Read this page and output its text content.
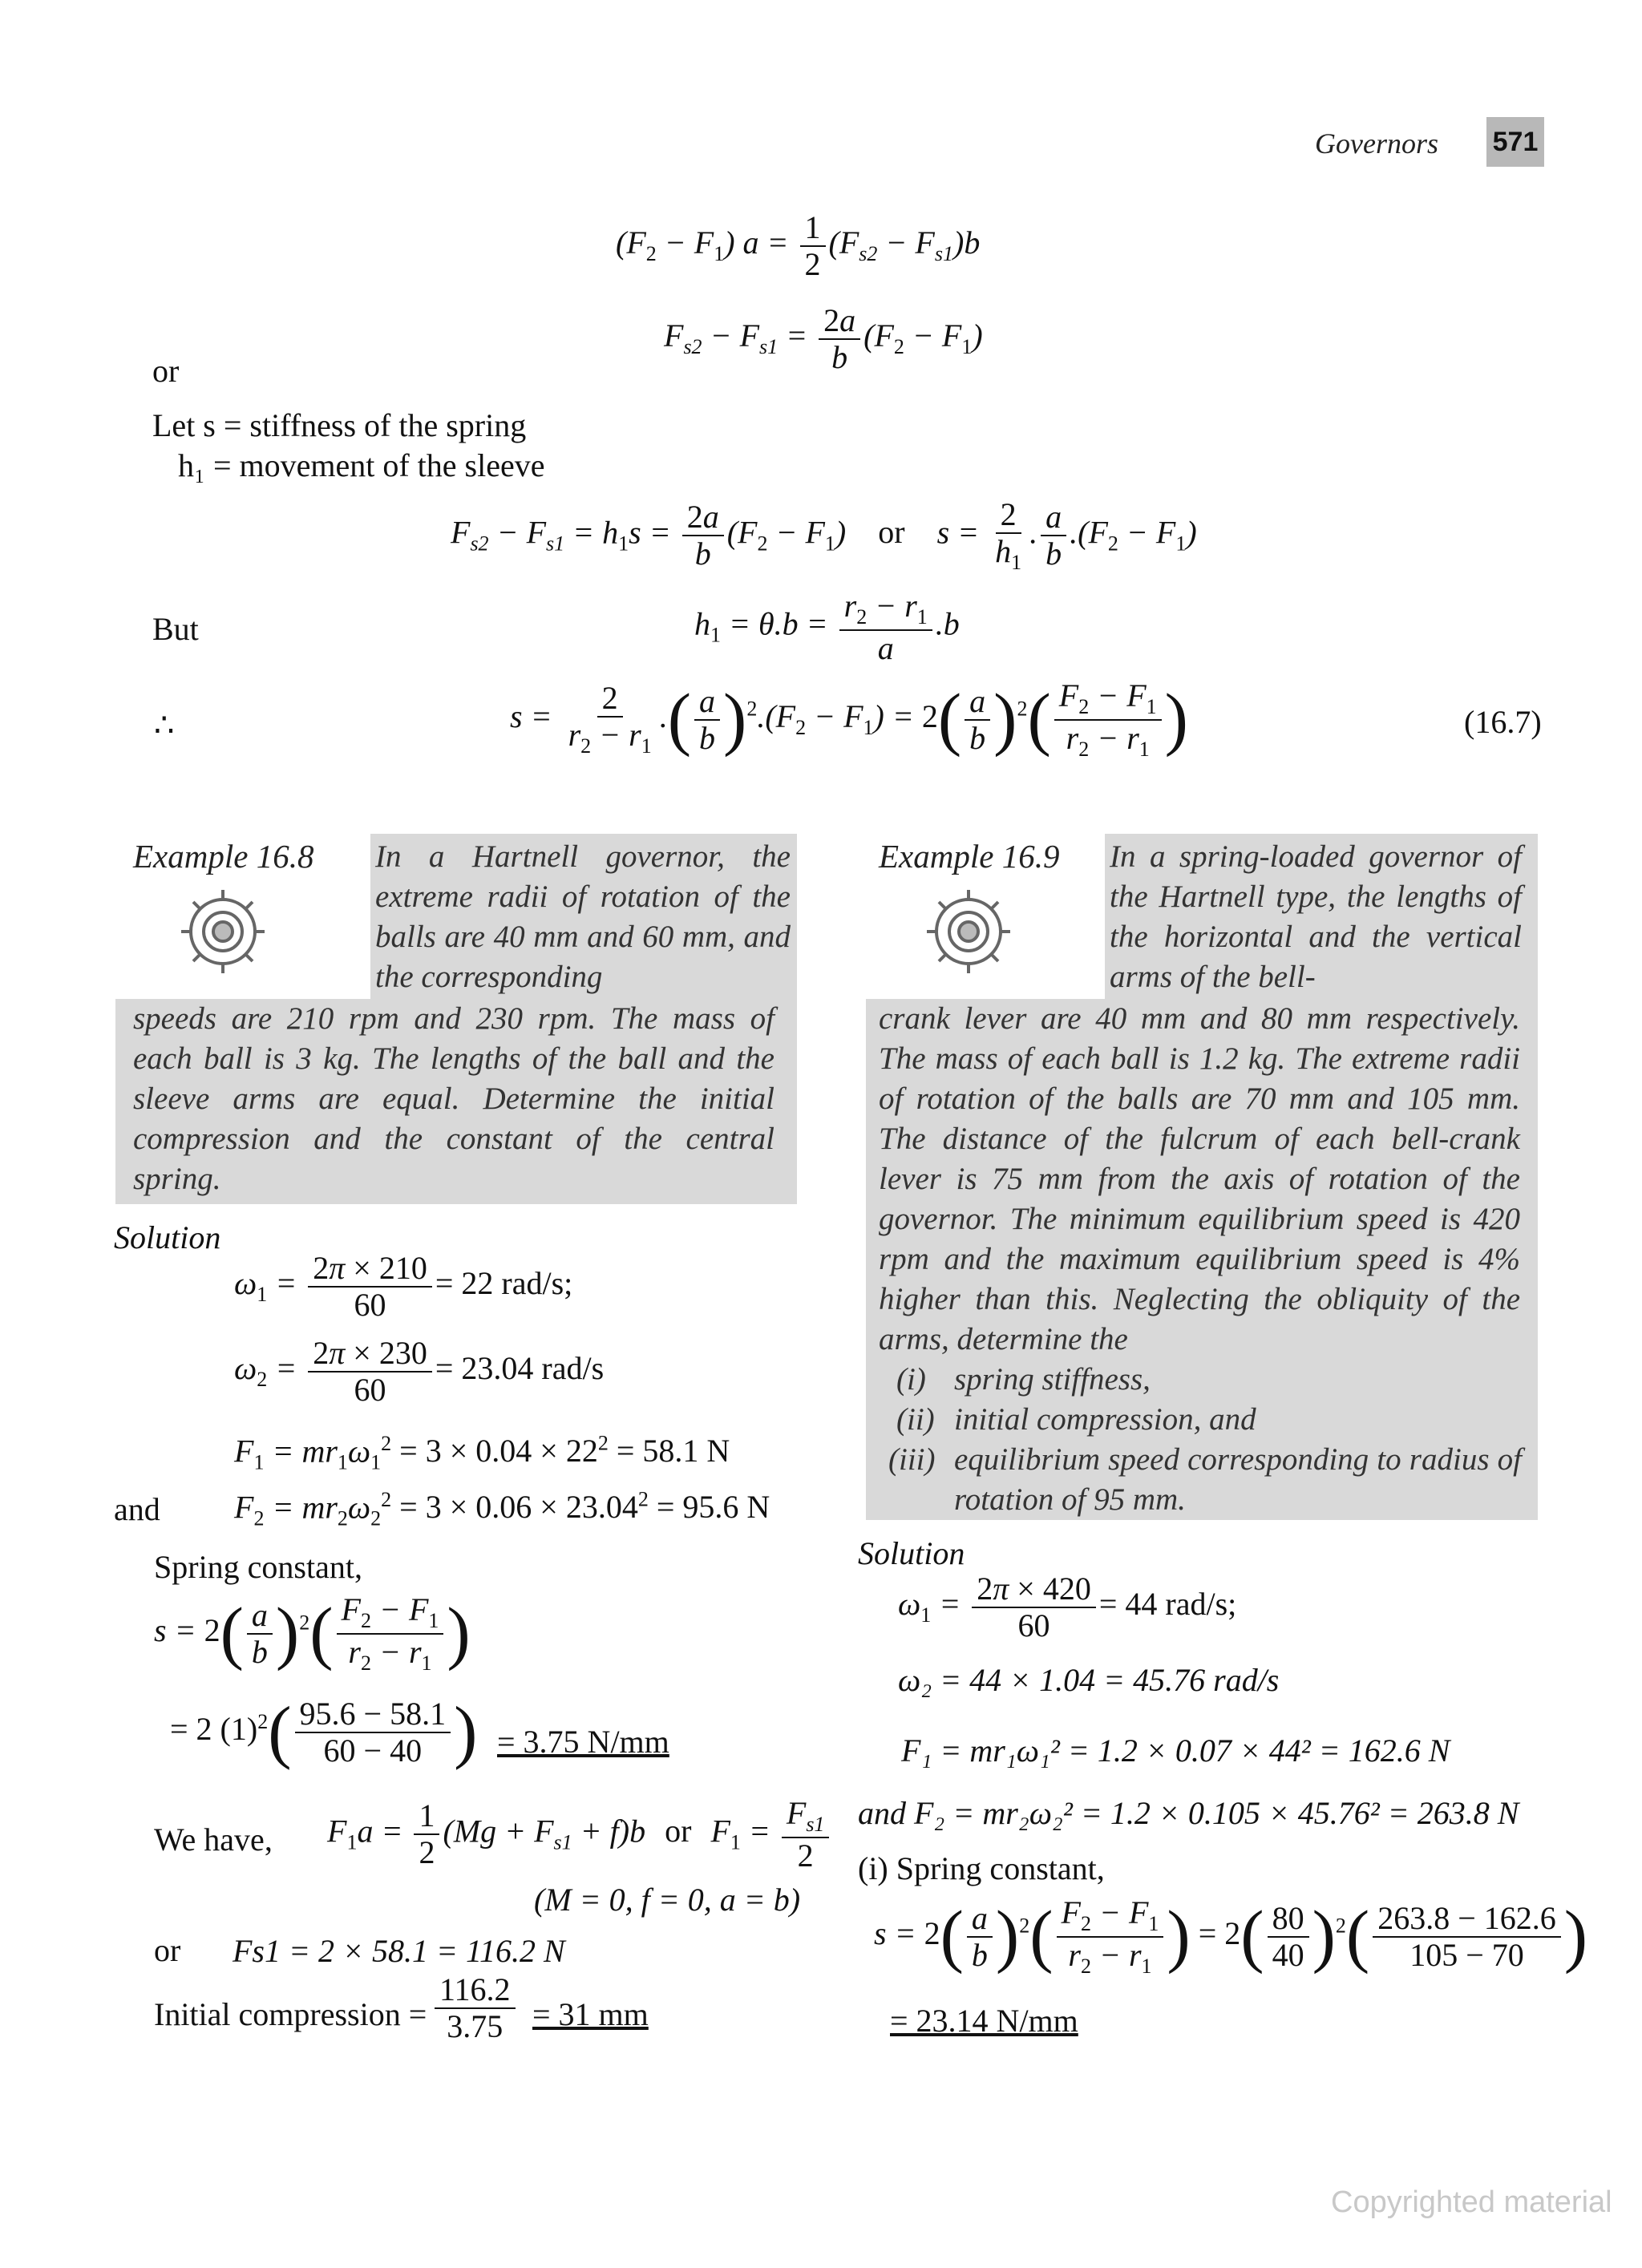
Governors 571
$(F_2 - F_1) a = \frac{1}{2} (F_{s2} - F_{s1})b$
or
$F_{s2} - F_{s1} = \frac{2a}{b} (F_2 - F_1)$
Let s = stiffness of the spring
h₁ = movement of the sleeve
$F_{s2} - F_{s1} = h_1s = \frac{2a}{b} (F_2 - F_1)$ or $s = \frac{2}{h_1}$ . $\frac{a}{b} .(F_2 - F_1)$
But	$h_1 = \theta.b = \frac{r_2 - r_1}{a} .b$
∴	$s = \frac{2}{r_2 - r_1}$ .( $\frac{a}{b} )^2.(F_2 - F_1) = 2( \frac{a}{b} )^2( \frac{F_2 - F_1}{r_2 - r_1}$ )	(16.7)
Example 16.8 In a Hartnell governor, the extreme radii of rotation of the balls are 40 mm and 60 mm, and the corresponding
speeds are 210 rpm and 230 rpm. The mass of each ball is 3 kg. The lengths of the ball and the sleeve arms are equal. Determine the initial compression and the constant of the central spring.
Solution
$\omega_1 = \frac{2\pi \times 210}{60} = 22$ rad/s;
$\omega_2 = \frac{2\pi \times 230}{60} = 23.04$ rad/s
$F_1 = mr_1\omega_1^2 = 3 \times 0.04 \times 22^2 = 58.1$ N
and $F_2 = mr_2\omega_2^2 = 3 \times 0.06 \times 23.04^2 = 95.6$ N
Spring constant,
$s = 2( \frac{a}{b} )^2( \frac{F_2 - F_1}{r_2 - r_1}$ )
= 2 $(1)^2( \frac{95.6 - 58.1}{60 - 40}$ ) = 3.75 N/mm
We have, $F_1a = \frac{1}{2} (Mg + F_{s1} + f)b$ or $F_1 = \frac{F_{s1}}{2}$
(M = 0, f = 0, a = b)
or Fs1 = 2 × 58.1 = 116.2 N
Initial compression = $\frac{116.2}{3.75} = 31$ mm
Example 16.9 In a spring-loaded governor of the Hartnell type, the lengths of the horizontal and the vertical arms of the bell-
crank lever are 40 mm and 80 mm respectively. The mass of each ball is 1.2 kg. The extreme radii of rotation of the balls are 70 mm and 105 mm. The distance of the fulcrum of each bell-crank lever is 75 mm from the axis of rotation of the governor. The minimum equilibrium speed is 420 rpm and the maximum equilibrium speed is 4% higher than this. Neglecting the obliquity of the arms, determine the
(i) spring stiffness,
(ii) initial compression, and
(iii) equilibrium speed corresponding to radius of rotation of 95 mm.
Solution
$\omega_1 = \frac{2\pi \times 420}{60} = 44$ rad/s;
ω₂ = 44 × 1.04 = 45.76 rad/s
F₁ = mr₁ω₁² = 1.2 × 0.07 × 44² = 162.6 N
and F₂ = mr₂ω₂² = 1.2 × 0.105 × 45.76² = 263.8 N
(i) Spring constant,
$s = 2( \frac{a}{b} )^2( \frac{F_2 - F_1}{r_2 - r_1}$ ) = $2( \frac{80}{40} )^2( \frac{263.8 - 162.6}{105 - 70}$ )
= 23.14 N/mm
Copyrighted material
